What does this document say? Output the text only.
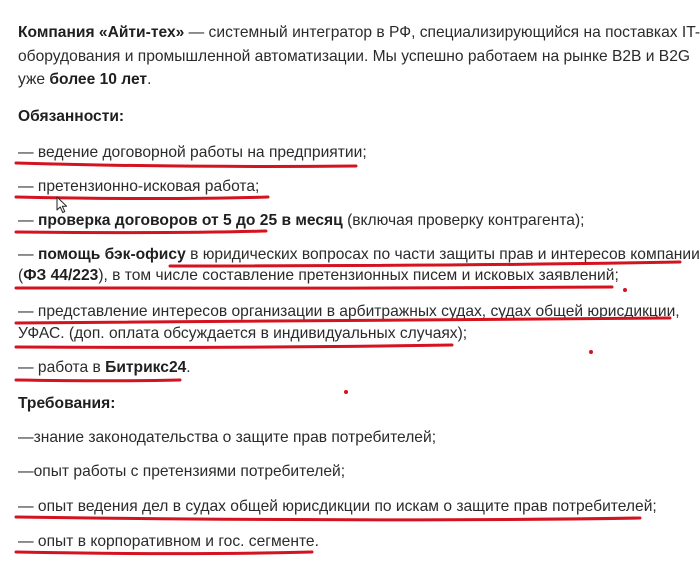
Компания «Айти-тех» — системный интегратор в РФ, специализирующийся на поставках IT-
оборудования и промышленной автоматизации. Мы успешно работаем на рынке B2B и B2G
уже более 10 лет.
Обязанности:
— ведение договорной работы на предприятии;
— претензионно-исковая работа;
— проверка договоров от 5 до 25 в месяц (включая проверку контрагента);
— помощь бэк-офису в юридических вопросах по части защиты прав и интересов компании
(ФЗ 44/223), в том числе составление претензионных писем и исковых заявлений;
— представление интересов организации в арбитражных судах, судах общей юрисдикции,
УФАС. (доп. оплата обсуждается в индивидуальных случаях);
— работа в Битрикс24.
Требования:
—знание законодательства о защите прав потребителей;
—опыт работы с претензиями потребителей;
— опыт ведения дел в судах общей юрисдикции по искам о защите прав потребителей;
— опыт в корпоративном и гос. сегменте.
